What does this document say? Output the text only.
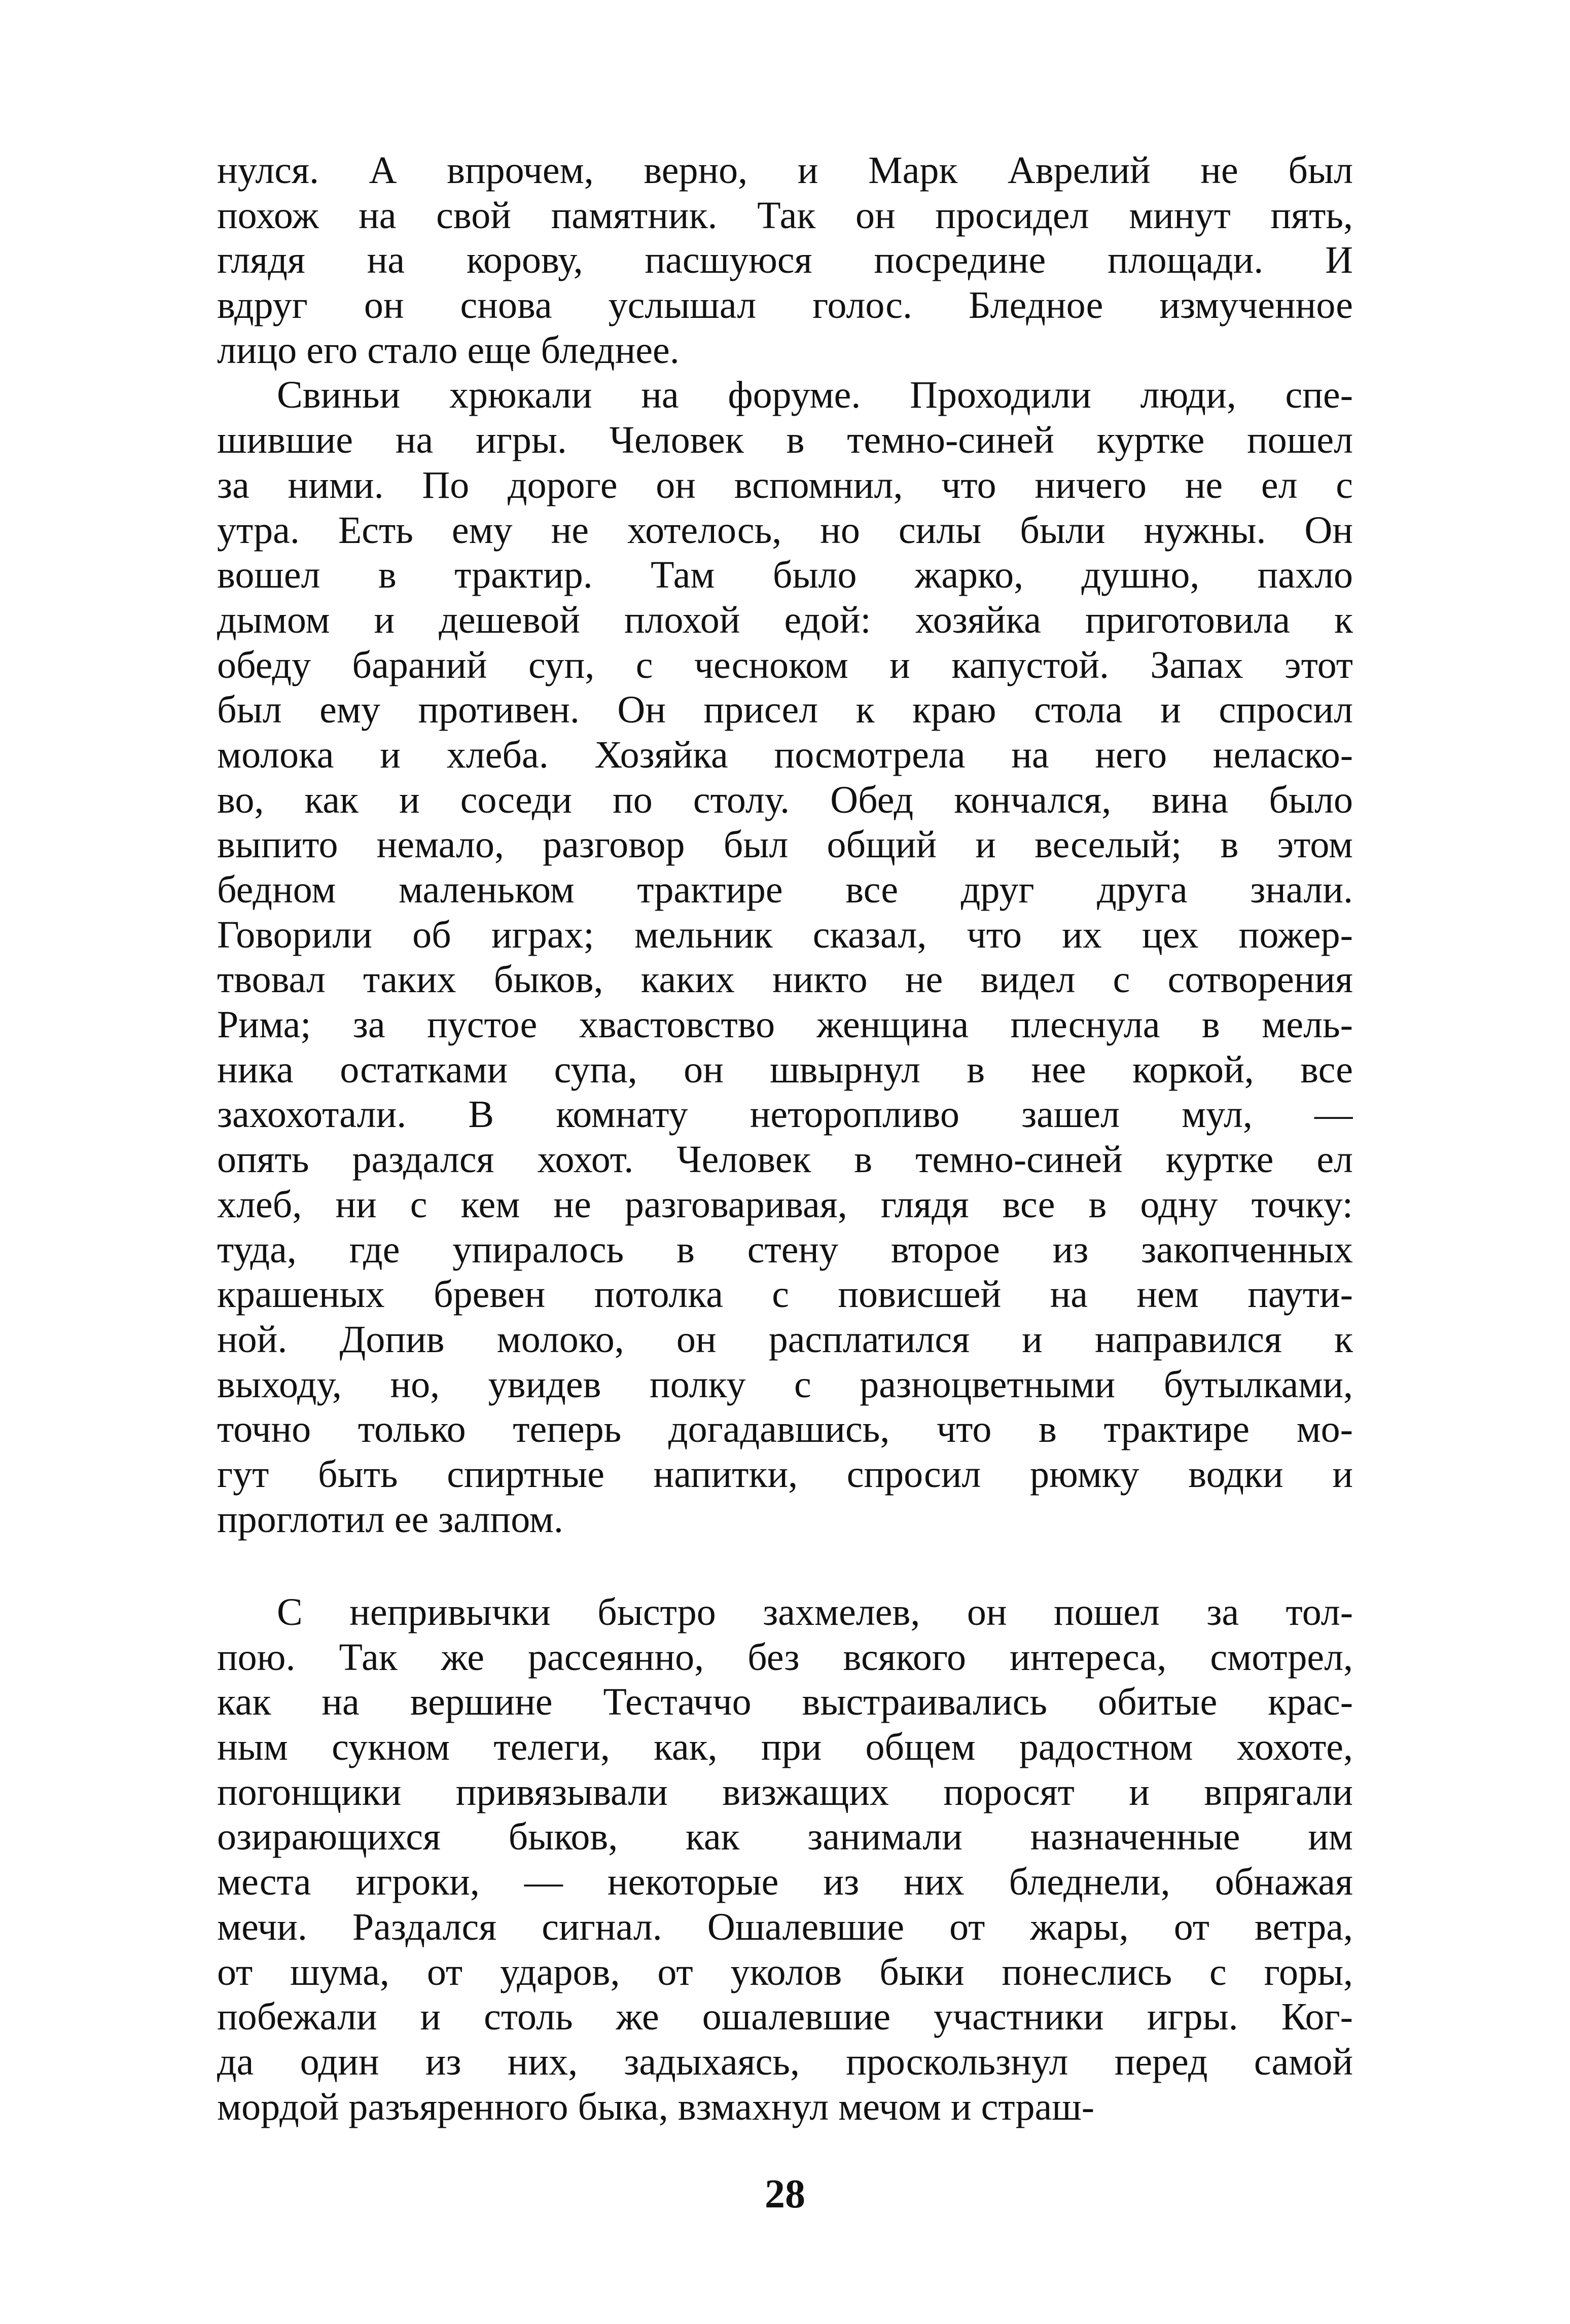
нулся. А впрочем, верно, и Марк Аврелий не был
похож на свой памятник. Так он просидел минут пять,
глядя на корову, пасшуюся посредине площади. И
вдруг он снова услышал голос. Бледное измученное
лицо его стало еще бледнее.
Свиньи хрюкали на форуме. Проходили люди, спе-
шившие на игры. Человек в темно-синей куртке пошел
за ними. По дороге он вспомнил, что ничего не ел с
утра. Есть ему не хотелось, но силы были нужны. Он
вошел в трактир. Там было жарко, душно, пахло
дымом и дешевой плохой едой: хозяйка приготовила к
обеду бараний суп, с чесноком и капустой. Запах этот
был ему противен. Он присел к краю стола и спросил
молока и хлеба. Хозяйка посмотрела на него неласко-
во, как и соседи по столу. Обед кончался, вина было
выпито немало, разговор был общий и веселый; в этом
бедном маленьком трактире все друг друга знали.
Говорили об играх; мельник сказал, что их цех пожер-
твовал таких быков, каких никто не видел с сотворения
Рима; за пустое хвастовство женщина плеснула в мель-
ника остатками супа, он швырнул в нее коркой, все
захохотали. В комнату неторопливо зашел мул, —
опять раздался хохот. Человек в темно-синей куртке ел
хлеб, ни с кем не разговаривая, глядя все в одну точку:
туда, где упиралось в стену второе из закопченных
крашеных бревен потолка с повисшей на нем паути-
ной. Допив молоко, он расплатился и направился к
выходу, но, увидев полку с разноцветными бутылками,
точно только теперь догадавшись, что в трактире мо-
гут быть спиртные напитки, спросил рюмку водки и
проглотил ее залпом.
С непривычки быстро захмелев, он пошел за тол-
пою. Так же рассеянно, без всякого интереса, смотрел,
как на вершине Тестаччо выстраивались обитые крас-
ным сукном телеги, как, при общем радостном хохоте,
погонщики привязывали визжащих поросят и впрягали
озирающихся быков, как занимали назначенные им
места игроки, — некоторые из них бледнели, обнажая
мечи. Раздался сигнал. Ошалевшие от жары, от ветра,
от шума, от ударов, от уколов быки понеслись с горы,
побежали и столь же ошалевшие участники игры. Ког-
да один из них, задыхаясь, проскользнул перед самой
мордой разъяренного быка, взмахнул мечом и страш-
28
